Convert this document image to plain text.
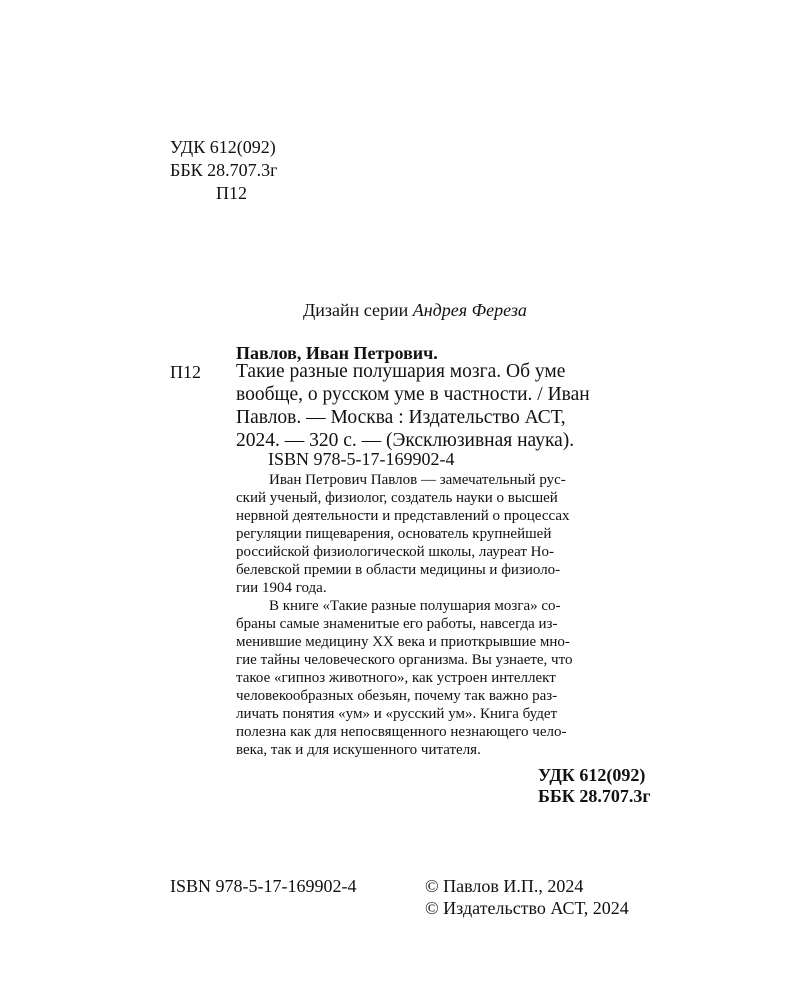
УДК 612(092)
ББК 28.707.3г
П12

Дизайн серии Андрея Фереза

Павлов, Иван Петрович.
П12 Такие разные полушария мозга. Об уме
вообще, о русском уме в частности. / Иван
Павлов. — Москва : Издательство АСТ,
2024. — 320 с. — (Эксклюзивная наука).
ISBN 978-5-17-169902-4
Иван Петрович Павлов — замечательный рус-
ский ученый, физиолог, создатель науки о высшей
нервной деятельности и представлений о процессах
регуляции пищеварения, основатель крупнейшей
российской физиологической школы, лауреат Но-
белевской премии в области медицины и физиоло-
гии 1904 года.
В книге «Такие разные полушария мозга» со-
браны самые знаменитые его работы, навсегда из-
менившие медицину XX века и приоткрывшие мно-
гие тайны человеческого организма. Вы узнаете, что
такое «гипноз животного», как устроен интеллект
человекообразных обезьян, почему так важно раз-
личать понятия «ум» и «русский ум». Книга будет
полезна как для непосвященного незнающего чело-
века, так и для искушенного читателя.
УДК 612(092)
ББК 28.707.3г
ISBN 978-5-17-169902-4	© Павлов И.П., 2024
© Издательство АСТ, 2024
